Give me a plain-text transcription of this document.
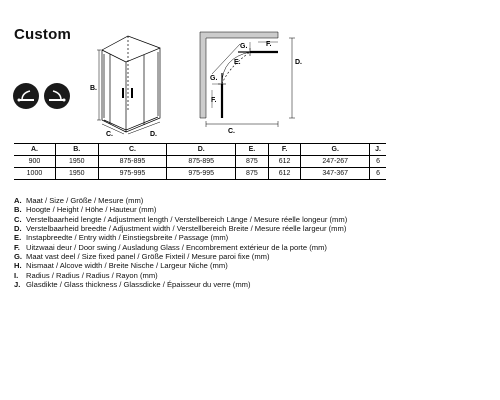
Custom
B.
C.	D.
G.	F.
D.
E.
G.
F.
C.
A.	B.	C.	D.	E.	F.	G.	J.
900	1950	875-895	875-895	875	612	247-267	6
1000	1950	975-995	975-995	875	612	347-367	6
A. Maat / Size / Größe / Mesure (mm)
B. Hoogte / Height / Höhe / Hauteur (mm)
C. Verstelbaarheid lengte / Adjustment length / Verstellbereich Länge / Mesure réelle longeur (mm)
D. Verstelbaarheid breedte / Adjustment width / Verstellbereich Breite / Mesure réelle largeur (mm)
E. Instapbreedte / Entry width / Einstiegsbreite / Passage (mm)
F. Uitzwaai deur / Door swing / Ausladung Glass / Encombrement extérieur de la porte (mm)
G. Maat vast deel / Size fixed panel / Größe Fixteil / Mesure paroi fixe (mm)
H. Nismaat / Alcove width / Breite Nische / Largeur Niche (mm)
I. Radius / Radius / Radius / Rayon (mm)
J. Glasdikte / Glass thickness / Glassdicke / Épaisseur du verre (mm)
